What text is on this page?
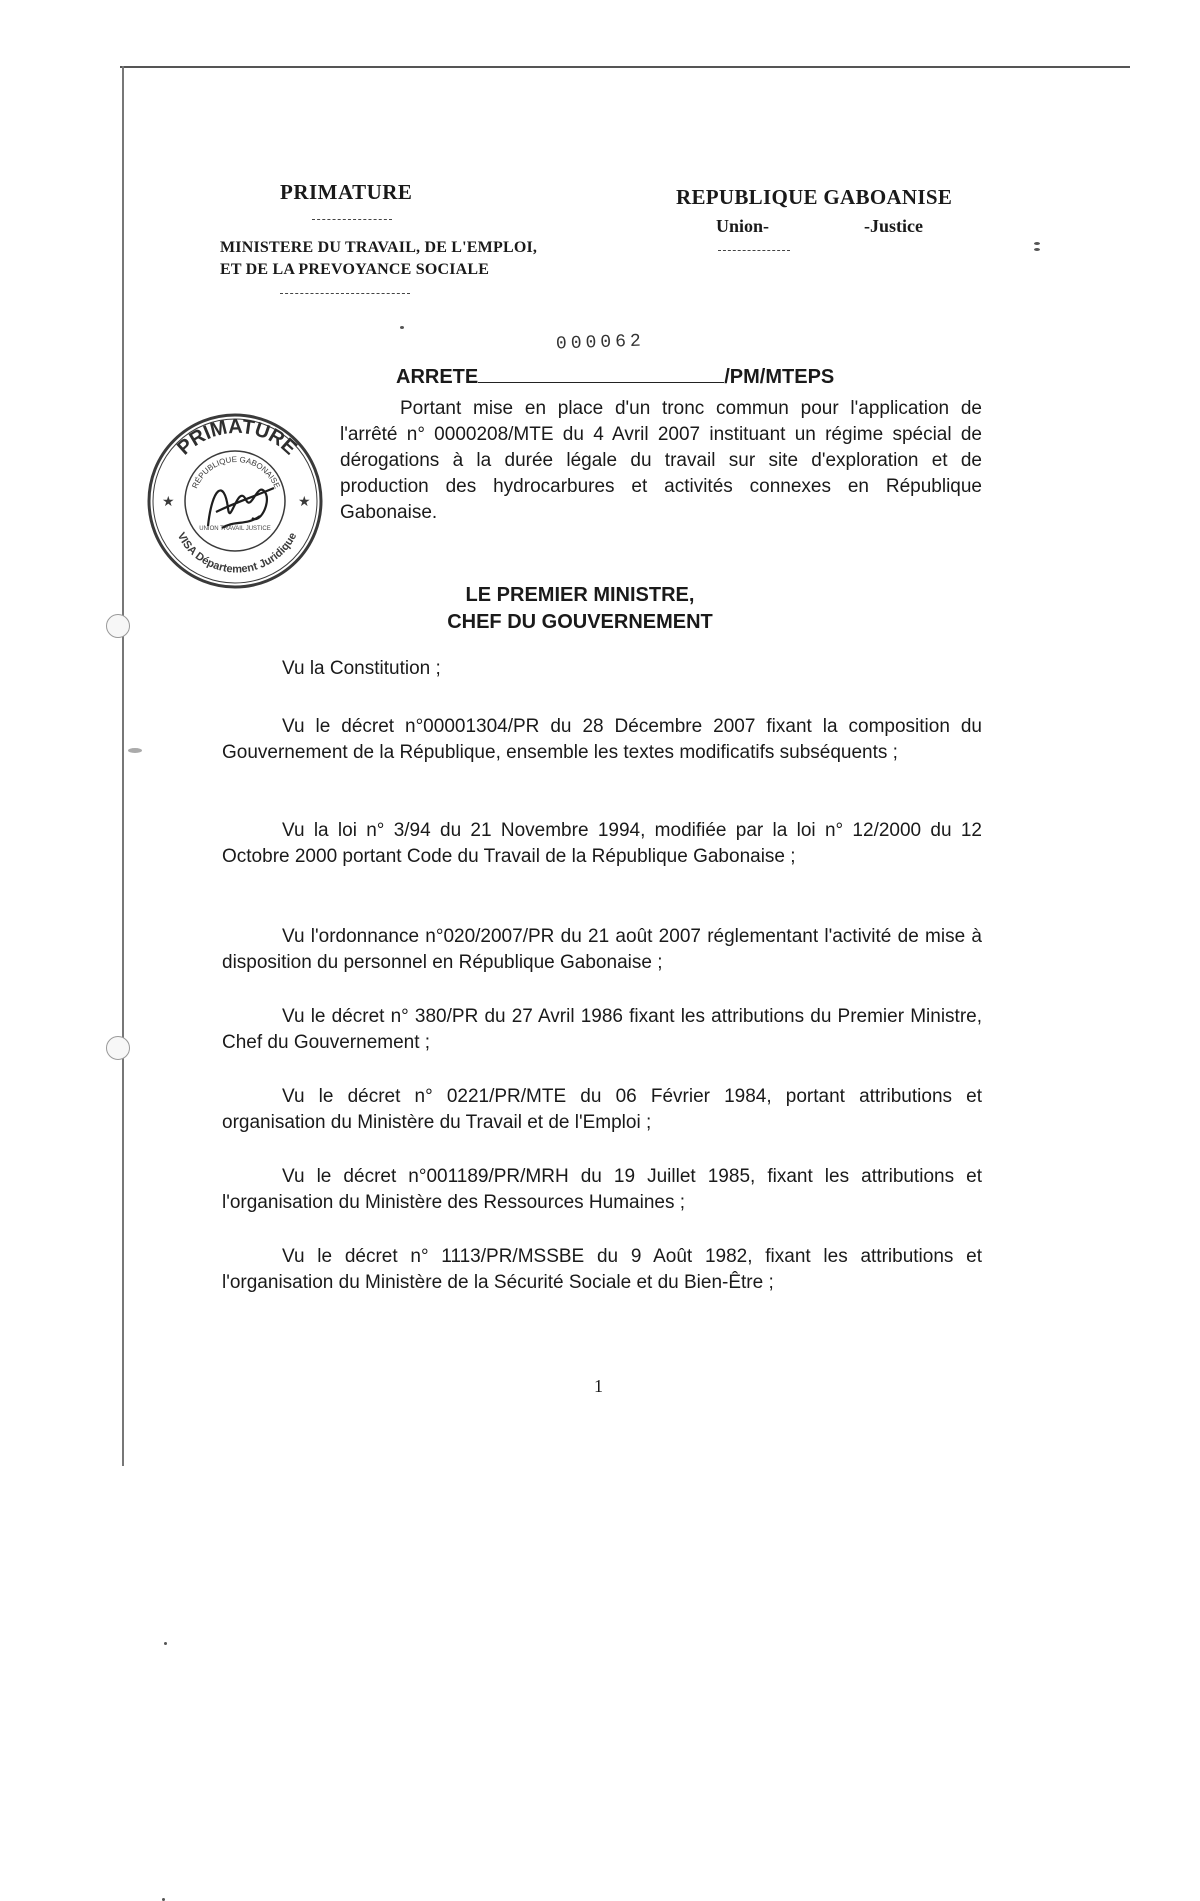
PRIMATURE
MINISTERE DU TRAVAIL, DE L'EMPLOI,
ET DE LA PREVOYANCE SOCIALE
REPUBLIQUE GABOANISE
Union-	-Justice
000062
ARRETE	/PM/MTEPS
Portant mise en place d'un tronc commun pour l'application de l'arrêté n° 0000208/MTE du 4 Avril 2007 instituant un régime spécial de dérogations à la durée légale du travail sur site d'exploration et de production des hydrocarbures et activités connexes en République Gabonaise.
PRIMATURE
RÉPUBLIQUE GABONAISE
VISA Département Juridique
UNION TRAVAIL JUSTICE
★	★
LE PREMIER MINISTRE,
CHEF DU GOUVERNEMENT
Vu la Constitution ;
Vu le décret n°00001304/PR du 28 Décembre 2007 fixant la composition du Gouvernement de la République, ensemble les textes modificatifs subséquents ;
Vu la loi n° 3/94 du 21 Novembre 1994, modifiée par la loi n° 12/2000 du 12 Octobre 2000 portant Code du Travail de la République Gabonaise ;
Vu l'ordonnance n°020/2007/PR du 21 août 2007 réglementant l'activité de mise à disposition du personnel en République Gabonaise ;
Vu le décret n° 380/PR du 27 Avril 1986 fixant les attributions du Premier Ministre, Chef du Gouvernement ;
Vu le décret n° 0221/PR/MTE du 06 Février 1984, portant attributions et organisation du Ministère du Travail et de l'Emploi ;
Vu le décret n°001189/PR/MRH du 19 Juillet 1985, fixant les attributions et l'organisation du Ministère des Ressources Humaines ;
Vu le décret n° 1113/PR/MSSBE du 9 Août 1982, fixant les attributions et l'organisation du Ministère de la Sécurité Sociale et du Bien-Être ;
1
